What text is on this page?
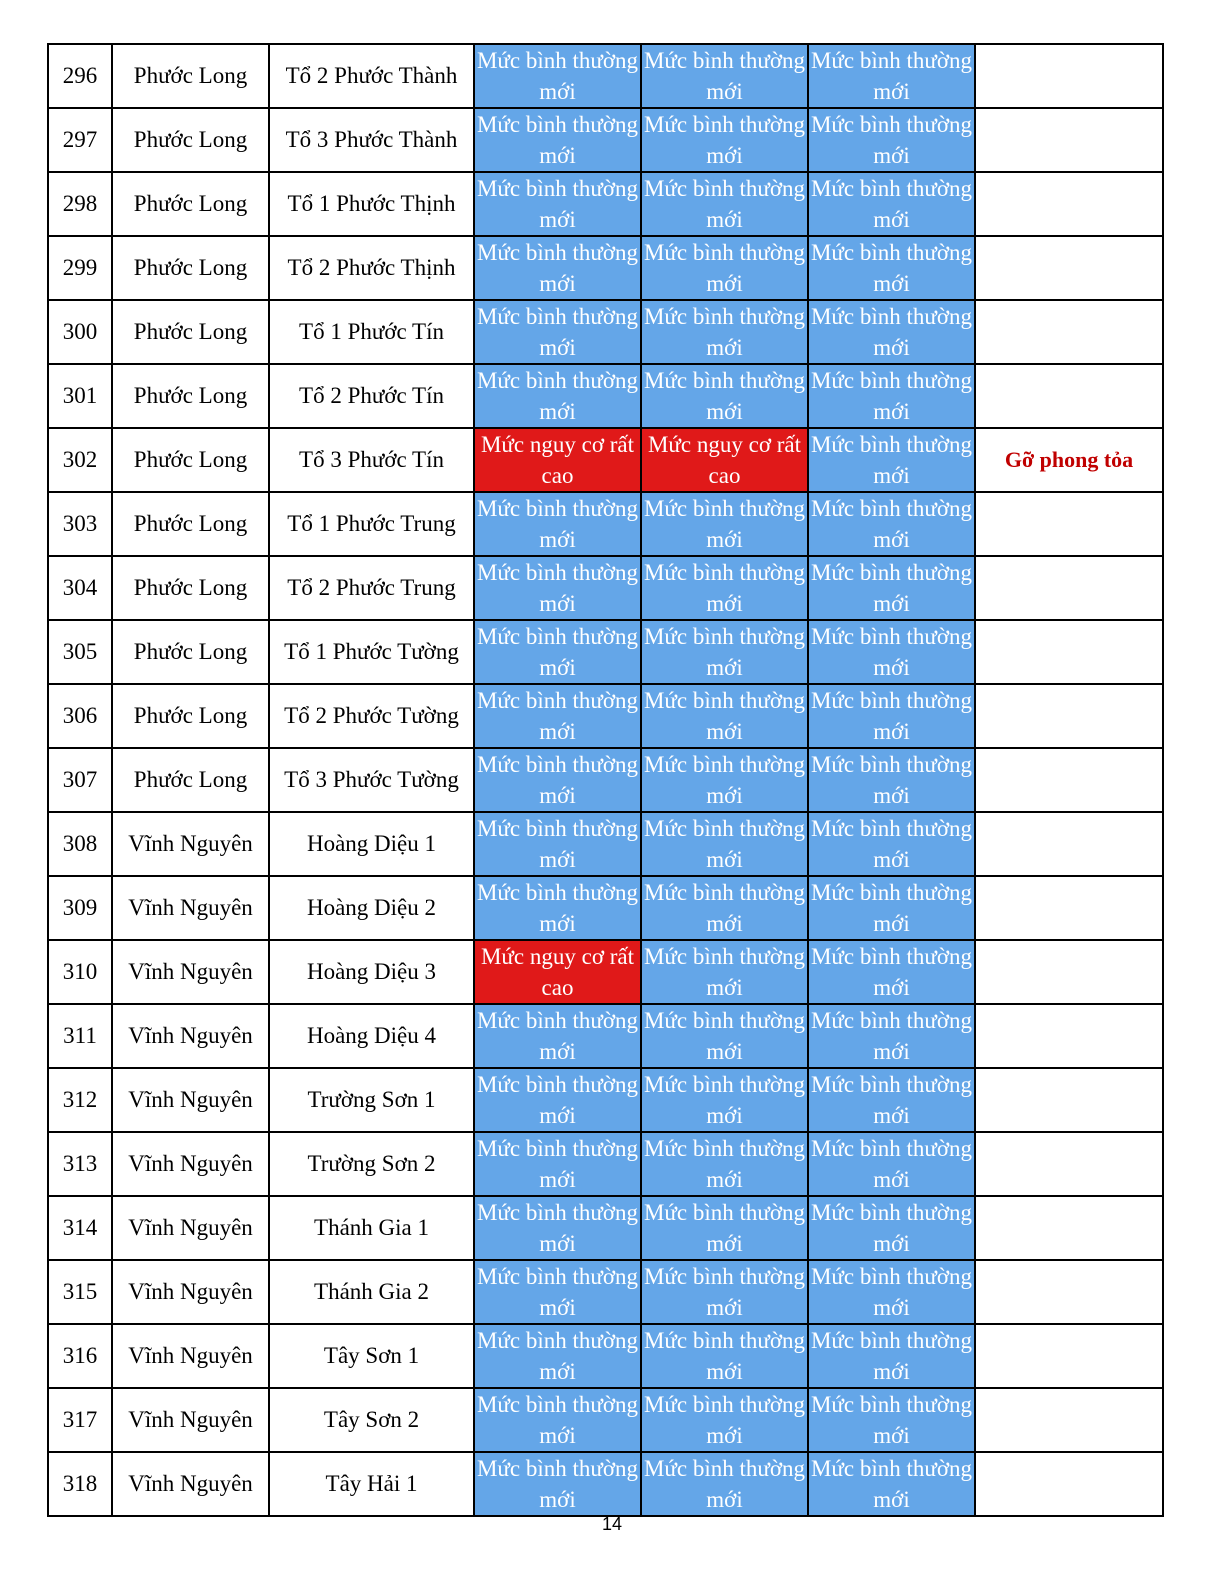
296	Phước Long	Tổ 2 Phước Thành	Mức bình thường mới	Mức bình thường mới	Mức bình thường mới	
297	Phước Long	Tổ 3 Phước Thành	Mức bình thường mới	Mức bình thường mới	Mức bình thường mới	
298	Phước Long	Tổ 1 Phước Thịnh	Mức bình thường mới	Mức bình thường mới	Mức bình thường mới	
299	Phước Long	Tổ 2 Phước Thịnh	Mức bình thường mới	Mức bình thường mới	Mức bình thường mới	
300	Phước Long	Tổ 1 Phước Tín	Mức bình thường mới	Mức bình thường mới	Mức bình thường mới	
301	Phước Long	Tổ 2 Phước Tín	Mức bình thường mới	Mức bình thường mới	Mức bình thường mới	
302	Phước Long	Tổ 3 Phước Tín	Mức nguy cơ rất cao	Mức nguy cơ rất cao	Mức bình thường mới	Gỡ phong tỏa
303	Phước Long	Tổ 1 Phước Trung	Mức bình thường mới	Mức bình thường mới	Mức bình thường mới	
304	Phước Long	Tổ 2 Phước Trung	Mức bình thường mới	Mức bình thường mới	Mức bình thường mới	
305	Phước Long	Tổ 1 Phước Tường	Mức bình thường mới	Mức bình thường mới	Mức bình thường mới	
306	Phước Long	Tổ 2 Phước Tường	Mức bình thường mới	Mức bình thường mới	Mức bình thường mới	
307	Phước Long	Tổ 3 Phước Tường	Mức bình thường mới	Mức bình thường mới	Mức bình thường mới	
308	Vĩnh Nguyên	Hoàng Diệu 1	Mức bình thường mới	Mức bình thường mới	Mức bình thường mới	
309	Vĩnh Nguyên	Hoàng Diệu 2	Mức bình thường mới	Mức bình thường mới	Mức bình thường mới	
310	Vĩnh Nguyên	Hoàng Diệu 3	Mức nguy cơ rất cao	Mức bình thường mới	Mức bình thường mới	
311	Vĩnh Nguyên	Hoàng Diệu 4	Mức bình thường mới	Mức bình thường mới	Mức bình thường mới	
312	Vĩnh Nguyên	Trường Sơn 1	Mức bình thường mới	Mức bình thường mới	Mức bình thường mới	
313	Vĩnh Nguyên	Trường Sơn 2	Mức bình thường mới	Mức bình thường mới	Mức bình thường mới	
314	Vĩnh Nguyên	Thánh Gia 1	Mức bình thường mới	Mức bình thường mới	Mức bình thường mới	
315	Vĩnh Nguyên	Thánh Gia 2	Mức bình thường mới	Mức bình thường mới	Mức bình thường mới	
316	Vĩnh Nguyên	Tây Sơn 1	Mức bình thường mới	Mức bình thường mới	Mức bình thường mới	
317	Vĩnh Nguyên	Tây Sơn 2	Mức bình thường mới	Mức bình thường mới	Mức bình thường mới	
318	Vĩnh Nguyên	Tây Hải 1	Mức bình thường mới	Mức bình thường mới	Mức bình thường mới	
14
